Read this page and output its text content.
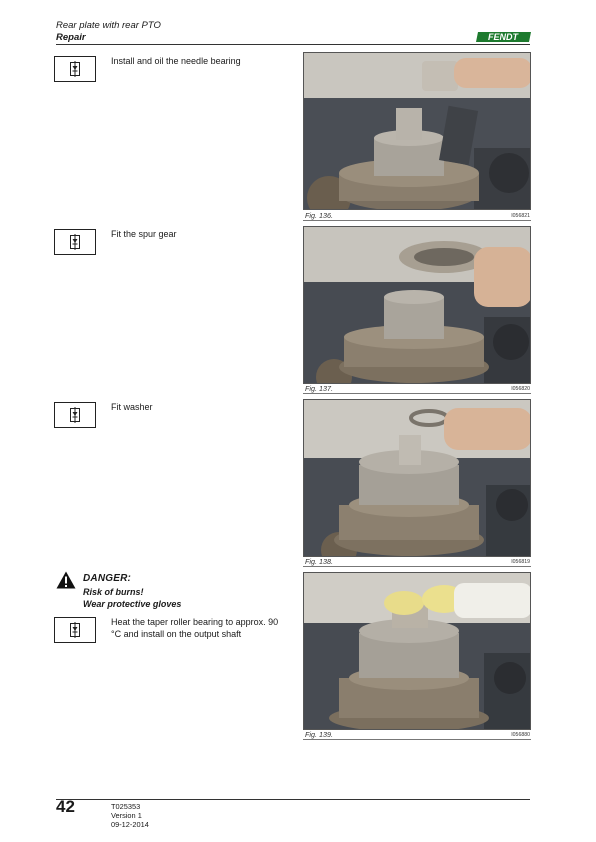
Rear plate with rear PTO
Repair	FENDT
Install and oil the needle bearing
Fit the spur gear
Fit washer
DANGER:
Risk of burns!
Wear protective gloves
Heat the taper roller bearing to approx. 90 °C and install on the output shaft
Fig. 136.	I056821
Fig. 137.	I056820
Fig. 138.	I056819
Fig. 139.	I056880
42	T025353
Version 1
09-12-2014
